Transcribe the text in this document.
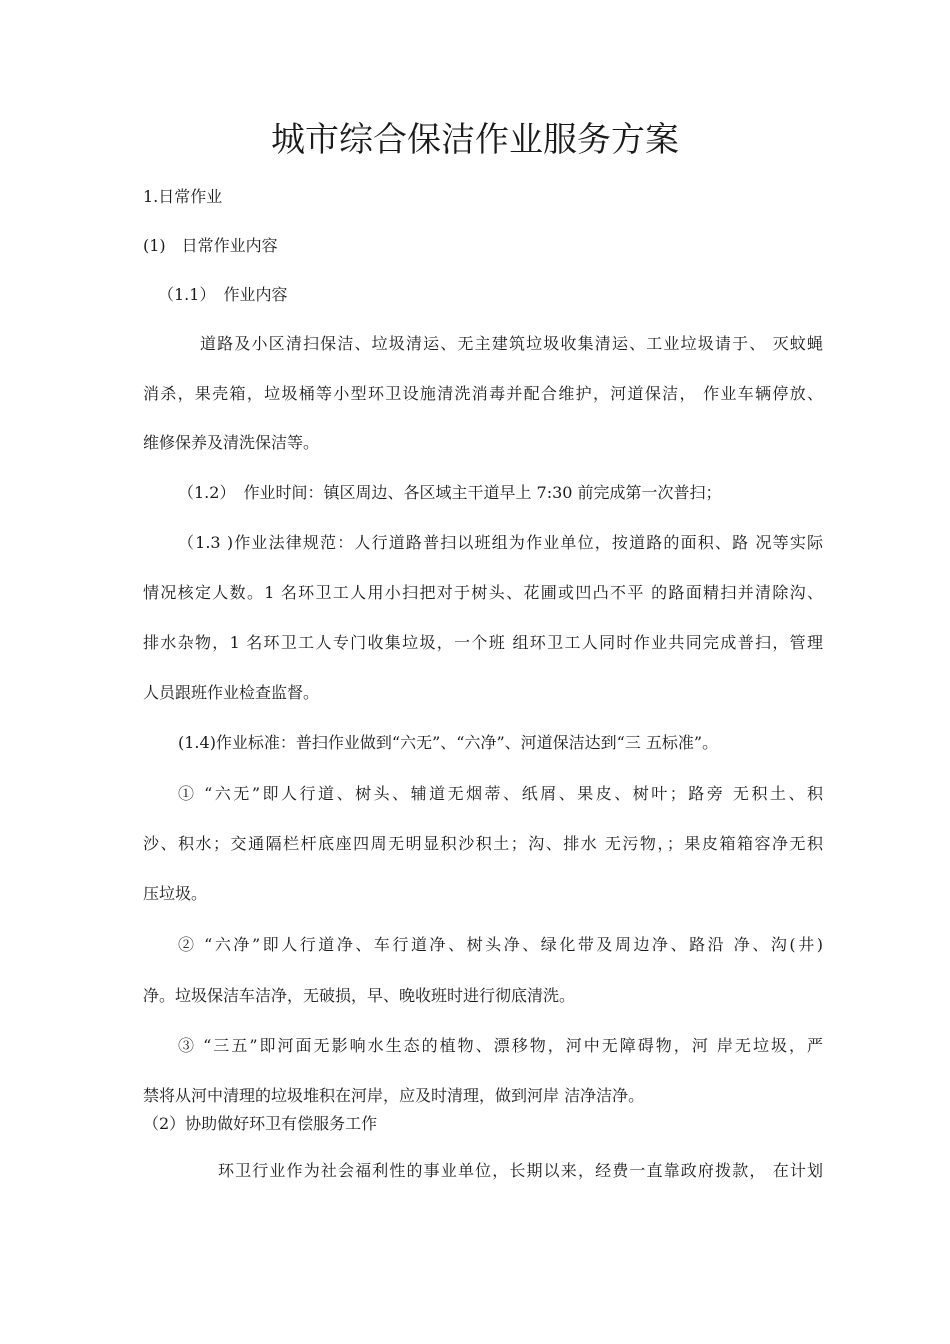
城市综合保洁作业服务方案

1.日常作业

(1)　日常作业内容

（1.1）　作业内容

道路及小区清扫保洁、垃圾清运、无主建筑垃圾收集清运、工业垃圾请于、 灭蚊蝇

消杀，果壳箱，垃圾桶等小型环卫设施清洗消毒并配合维护，河道保洁， 作业车辆停放、

维修保养及清洗保洁等。

（1.2）　作业时间：镇区周边、各区域主干道早上 7:30 前完成第一次普扫；

（1.3 )作业法律规范：人行道路普扫以班组为作业单位，按道路的面积、路 况等实际

情况核定人数。1 名环卫工人用小扫把对于树头、花圃或凹凸不平 的路面精扫并清除沟、

排水杂物，1 名环卫工人专门收集垃圾，一个班 组环卫工人同时作业共同完成普扫，管理

人员跟班作业检查监督。

(1.4)作业标准：普扫作业做到“六无”、“六净”、河道保洁达到“三 五标准”。

① “六无”即人行道、树头、辅道无烟蒂、纸屑、果皮、树叶；路旁 无积土、积

沙、积水；交通隔栏杆底座四周无明显积沙积土；沟、排水 无污物，；果皮箱箱容净无积

压垃圾。

② “六净”即人行道净、车行道净、树头净、绿化带及周边净、路沿 净、沟(井)

净。垃圾保洁车洁净，无破损，早、晚收班时进行彻底清洗。

③ “三五”即河面无影响水生态的植物、漂移物，河中无障碍物，河 岸无垃圾，严

禁将从河中清理的垃圾堆积在河岸，应及时清理，做到河岸 洁净洁净。

（2）协助做好环卫有偿服务工作

环卫行业作为社会福利性的事业单位，长期以来，经费一直靠政府拨款， 在计划
